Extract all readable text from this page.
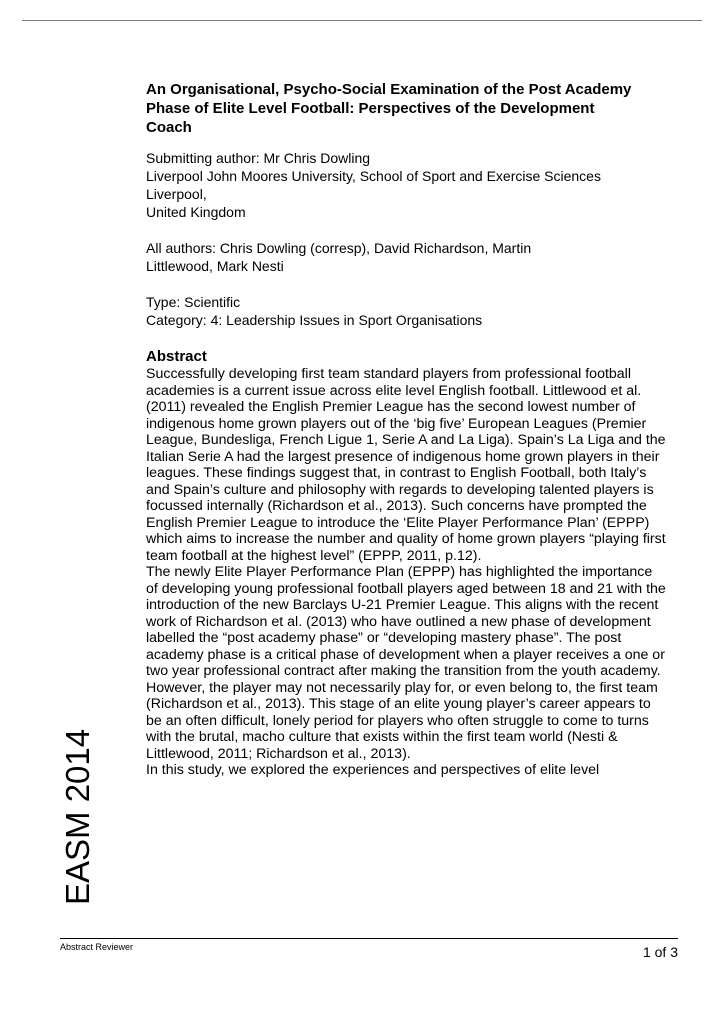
An Organisational, Psycho-Social Examination of the Post Academy Phase of Elite Level Football: Perspectives of the Development Coach
Submitting author: Mr Chris Dowling
Liverpool John Moores University, School of Sport and Exercise Sciences
Liverpool,
United Kingdom
All authors: Chris Dowling (corresp), David Richardson, Martin Littlewood, Mark Nesti
Type: Scientific
Category: 4: Leadership Issues in Sport Organisations
Abstract

Successfully developing first team standard players from professional football academies is a current issue across elite level English football. Littlewood et al. (2011) revealed the English Premier League has the second lowest number of indigenous home grown players out of the ‘big five’ European Leagues (Premier League, Bundesliga, French Ligue 1, Serie A and La Liga). Spain’s La Liga and the Italian Serie A had the largest presence of indigenous home grown players in their leagues. These findings suggest that, in contrast to English Football, both Italy’s and Spain’s culture and philosophy with regards to developing talented players is focussed internally (Richardson et al., 2013). Such concerns have prompted the English Premier League to introduce the ‘Elite Player Performance Plan’ (EPPP) which aims to increase the number and quality of home grown players “playing first team football at the highest level” (EPPP, 2011, p.12).

The newly Elite Player Performance Plan (EPPP) has highlighted the importance of developing young professional football players aged between 18 and 21 with the introduction of the new Barclays U-21 Premier League. This aligns with the recent work of Richardson et al. (2013) who have outlined a new phase of development labelled the “post academy phase” or “developing mastery phase”. The post academy phase is a critical phase of development when a player receives a one or two year professional contract after making the transition from the youth academy. However, the player may not necessarily play for, or even belong to, the first team (Richardson et al., 2013). This stage of an elite young player’s career appears to be an often difficult, lonely period for players who often struggle to come to turns with the brutal, macho culture that exists within the first team world (Nesti & Littlewood, 2011; Richardson et al., 2013).

In this study, we explored the experiences and perspectives of elite level

EASM 2014
Abstract Reviewer	1 of 3
